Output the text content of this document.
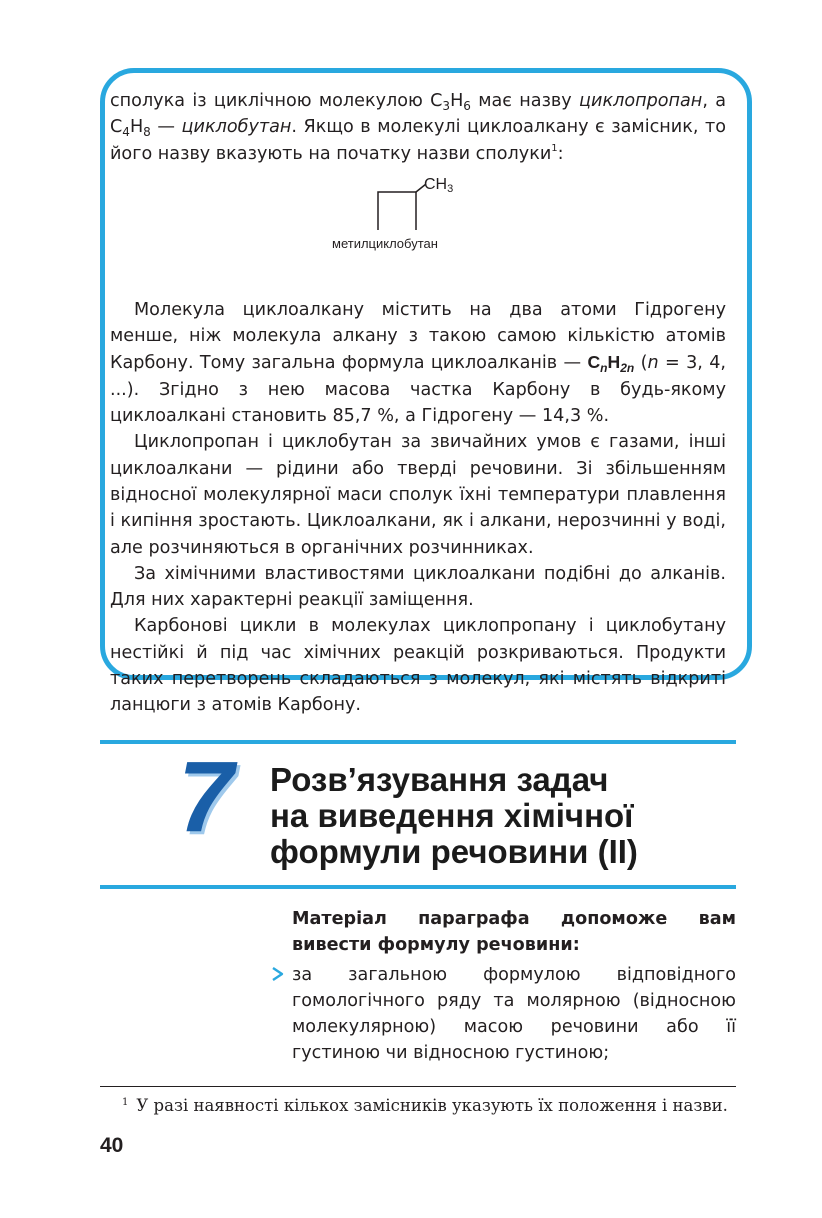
сполука із циклічною молекулою $C_3H_6$ має назву циклопропан, а $C_4H_8$ — циклобутан. Якщо в молекулі циклоалкану є замісник, то його назву вказують на початку назви сполуки$^1$:

Молекула циклоалкану містить на два атоми Гідрогену менше, ніж молекула алкану з такою самою кількістю атомів Карбону. Тому загальна формула циклоалканів — $C_nH_{2n}$ (n = 3, 4, ...). Згідно з нею масова частка Карбону в будь-якому циклоалкані становить 85,7 %, а Гідрогену — 14,3 %.

Циклопропан і циклобутан за звичайних умов є газами, інші циклоалкани — рідини або тверді речовини. Зі збільшенням відносної молекулярної маси сполук їхні температури плавлення і кипіння зростають. Циклоалкани, як і алкани, нерозчинні у воді, але розчиняються в органічних розчинниках.

За хімічними властивостями циклоалкани подібні до алканів. Для них характерні реакції заміщення.

Карбонові цикли в молекулах циклопропану і циклобутану нестійкі й під час хімічних реакцій розкриваються. Продукти таких перетворень складаються з молекул, які містять відкриті ланцюги з атомів Карбону.

$CH_3$
метилциклобутан
7 Розв’язування задач
на виведення хімічної
формули речовини (ІІ)
Матеріал параграфа допоможе вам вивести формулу речовини:
за загальною формулою відповідного гомологічного ряду та молярною (відносною молекулярною) масою речовини або її густиною чи відносною густиною;
$^1$ У разі наявності кількох замісників указують їх положення і назви.
40
